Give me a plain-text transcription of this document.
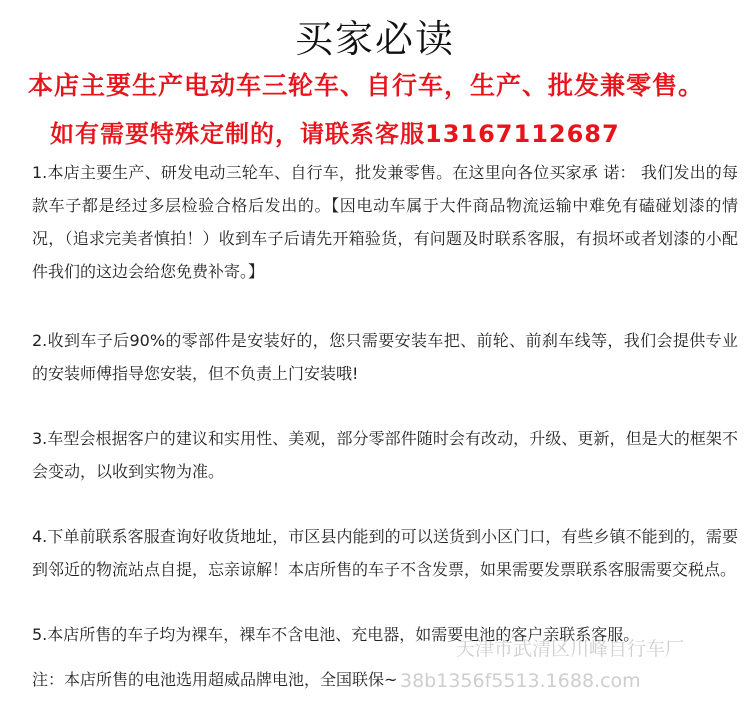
买家必读
本店主要生产电动车三轮车、自行车，生产、批发兼零售。
如有需要特殊定制的，请联系客服13167112687
1.本店主要生产、研发电动三轮车、自行车，批发兼零售。在这里向各位买家承 诺： 我们发出的每款车子都是经过多层检验合格后发出的。【因电动车属于大件商品物流运输中难免有磕碰划漆的情况，（追求完美者慎拍！）收到车子后请先开箱验货，有问题及时联系客服，有损坏或者划漆的小配件我们的这边会给您免费补寄。】
2.收到车子后90%的零部件是安装好的，您只需要安装车把、前轮、前刹车线等，我们会提供专业的安装师傅指导您安装，但不负责上门安装哦!
3.车型会根据客户的建议和实用性、美观，部分零部件随时会有改动，升级、更新，但是大的框架不会变动，以收到实物为准。
4.下单前联系客服查询好收货地址，市区县内能到的可以送货到小区门口，有些乡镇不能到的，需要到邻近的物流站点自提，忘亲谅解！本店所售的车子不含发票，如果需要发票联系客服需要交税点。
5.本店所售的车子均为裸车，裸车不含电池、充电器，如需要电池的客户亲联系客服。
注：本店所售的电池选用超威品牌电池，全国联保~
天津市武清区川峰自行车厂
38b1356f5513.1688.com
